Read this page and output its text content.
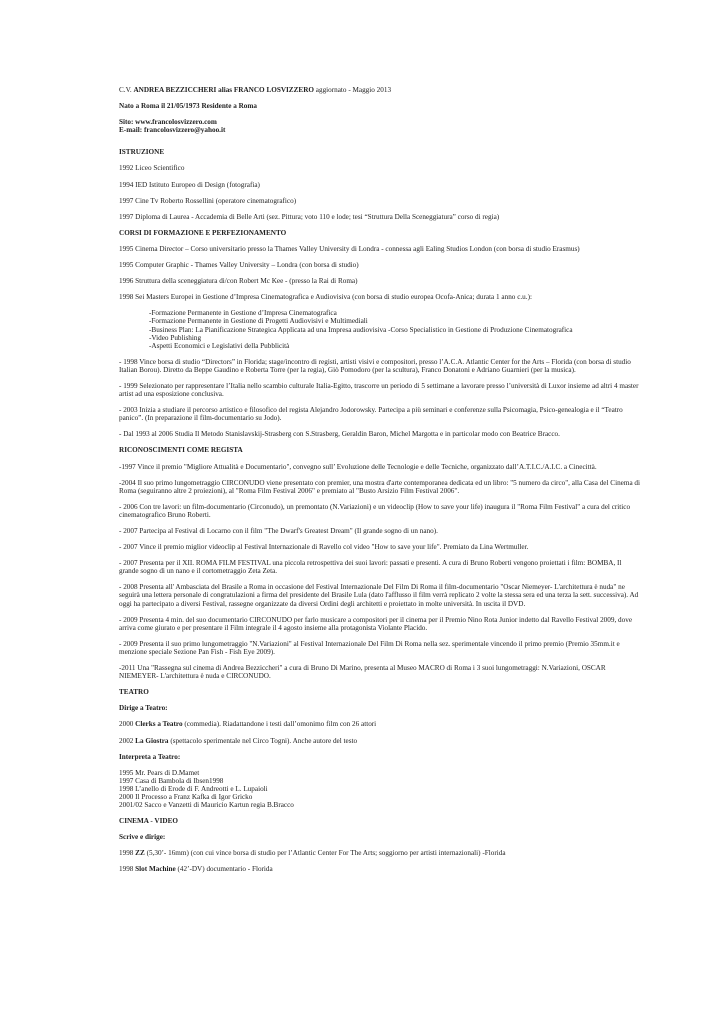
C.V. ANDREA BEZZICCHERI alias FRANCO LOSVIZZERO aggiornato - Maggio 2013

Nato a Roma il 21/05/1973 Residente a Roma

Sito: www.francolosvizzero.com
E-mail: francolosvizzero@yahoo.it

ISTRUZIONE

1992 Liceo Scientifico

1994 IED Istituto Europeo di Design (fotografia)

1997 Cine Tv Roberto Rossellini (operatore cinematografico)

1997 Diploma di Laurea - Accademia di Belle Arti (sez. Pittura; voto 110 e lode; tesi “Struttura Della Sceneggiatura” corso di regia)

CORSI DI FORMAZIONE E PERFEZIONAMENTO

1995 Cinema Director – Corso universitario presso la Thames Valley University di Londra - connessa agli Ealing Studios London (con borsa di studio Erasmus)

1995 Computer Graphic - Thames Valley University – Londra (con borsa di studio)

1996 Struttura della sceneggiatura di/con Robert Mc Kee - (presso la Rai di Roma)

1998 Sei Masters Europei in Gestione d’Impresa Cinematografica e Audiovisiva (con borsa di studio europea Ocofa-Anica; durata 1 anno c.u.):

-Formazione Permanente in Gestione d’Impresa Cinematografica
-Formazione Permanente in Gestione di Progetti Audiovisivi e Multimediali
-Business Plan: La Pianificazione Strategica Applicata ad una Impresa audiovisiva -Corso Specialistico in Gestione di Produzione Cinematografica
-Video Publishing
-Aspetti Economici e Legislativi della Pubblicità

- 1998 Vince borsa di studio “Directors” in Florida; stage/incontro di registi, artisti visivi e compositori, presso l’A.C.A. Atlantic Center for the Arts – Florida (con borsa di studio Italian Borou). Diretto da Beppe Gaudino e Roberta Torre (per la regia), Giò Pomodoro (per la scultura), Franco Donatoni e Adriano Guarnieri (per la musica).

- 1999 Selezionato per rappresentare l’Italia nello scambio culturale Italia-Egitto, trascorre un periodo di 5 settimane a lavorare presso l’università di Luxor insieme ad altri 4 master artist ad una esposizione conclusiva.

- 2003 Inizia a studiare il percorso artistico e filosofico del regista Alejandro Jodorowsky. Partecipa a più seminari e conferenze sulla Psicomagia, Psico-genealogia e il “Teatro panico”. (In preparazione il film-documentario su Jodo).

- Dal 1993 al 2006 Studia Il Metodo Stanislavskij-Strasberg con S.Strasberg, Geraldin Baron, Michel Margotta e in particolar modo con Beatrice Bracco.

RICONOSCIMENTI COME REGISTA

-1997 Vince il premio "Migliore Attualità e Documentario", convegno sull’ Evoluzione delle Tecnologie e delle Tecniche, organizzato dall’A.T.I.C./A.I.C. a Cinecittà.

-2004 Il suo primo lungometraggio CIRCONUDO viene presentato con premier, una mostra d'arte contemporanea dedicata ed un libro: "5 numero da circo", alla Casa del Cinema di Roma (seguiranno altre 2 proiezioni), al "Roma Film Festival 2006" e premiato al "Busto Arsizio Film Festival 2006".

- 2006 Con tre lavori: un film-documentario (Circonudo), un premontato (N.Variazioni) e un videoclip (How to save your life) inaugura il "Roma Film Festival" a cura del critico cinematografico Bruno Roberti.

- 2007 Partecipa al Festival di Locarno con il film "The Dwarf's Greatest Dream" (Il grande sogno di un nano).

- 2007 Vince il premio miglior videoclip al Festival Internazionale di Ravello col video "How to save your life". Premiato da Lina Wertmuller.

- 2007 Presenta per il XII. ROMA FILM FESTIVAL una piccola retrospettiva dei suoi lavori: passati e presenti. A cura di Bruno Roberti vengono proiettati i film: BOMBA, Il grande sogno di un nano e il cortometraggio Zeta Zeta.

- 2008 Presenta all' Ambasciata del Brasile a Roma in occasione del Festival Internazionale Del Film Di Roma il film-documentario "Oscar Niemeyer- L'architettura è nuda" ne seguirà una lettera personale di congratulazioni a firma del presidente del Brasile Lula (dato l'afflusso il film verrà replicato 2 volte la stessa sera ed una terza la sett. successiva). Ad oggi ha partecipato a diversi Festival, rassegne organizzate da diversi Ordini degli architetti e proiettato in molte università. In uscita il DVD.

- 2009 Presenta 4 min. del suo documentario CIRCONUDO per farlo musicare a compositori per il cinema per il Premio Nino Rota Junior indetto dal Ravello Festival 2009, dove arriva come giurato e per presentare il Film integrale il 4 agosto insieme alla protagonista Violante Placido.

- 2009 Presenta il suo primo lungometraggio "N.Variazioni" al Festival Internazionale Del Film Di Roma nella sez. sperimentale vincendo il primo premio (Premio 35mm.it e menzione speciale Sezione Pan Fish - Fish Eye 2009).

-2011 Una "Rassegna sul cinema di Andrea Bezziccheri" a cura di Bruno Di Marino, presenta al Museo MACRO di Roma i 3 suoi lungometraggi: N.Variazioni, OSCAR NIEMEYER- L'architettura è nuda e CIRCONUDO.

TEATRO

Dirige a Teatro:

2000 Clerks a Teatro (commedia). Riadattandone i testi dall’omonimo film con 26 attori

2002 La Giostra (spettacolo sperimentale nel Circo Togni). Anche autore del testo

Interpreta a Teatro:

1995 Mr. Pears di D.Mamet
1997 Casa di Bambola di Ibsen1998
1998 L’anello di Erode di F. Andreotti e L. Lupaioli
2000 Il Processo a Franz Kafka di Igor Gricko
2001/02 Sacco e Vanzetti di Mauricio Kartun regia B.Bracco

CINEMA - VIDEO

Scrive e dirige:

1998 ZZ (5,30’- 16mm) (con cui vince borsa di studio per l’Atlantic Center For The Arts; soggiorno per artisti internazionali) -Florida

1998 Slot Machine (42’-DV) documentario - Florida
